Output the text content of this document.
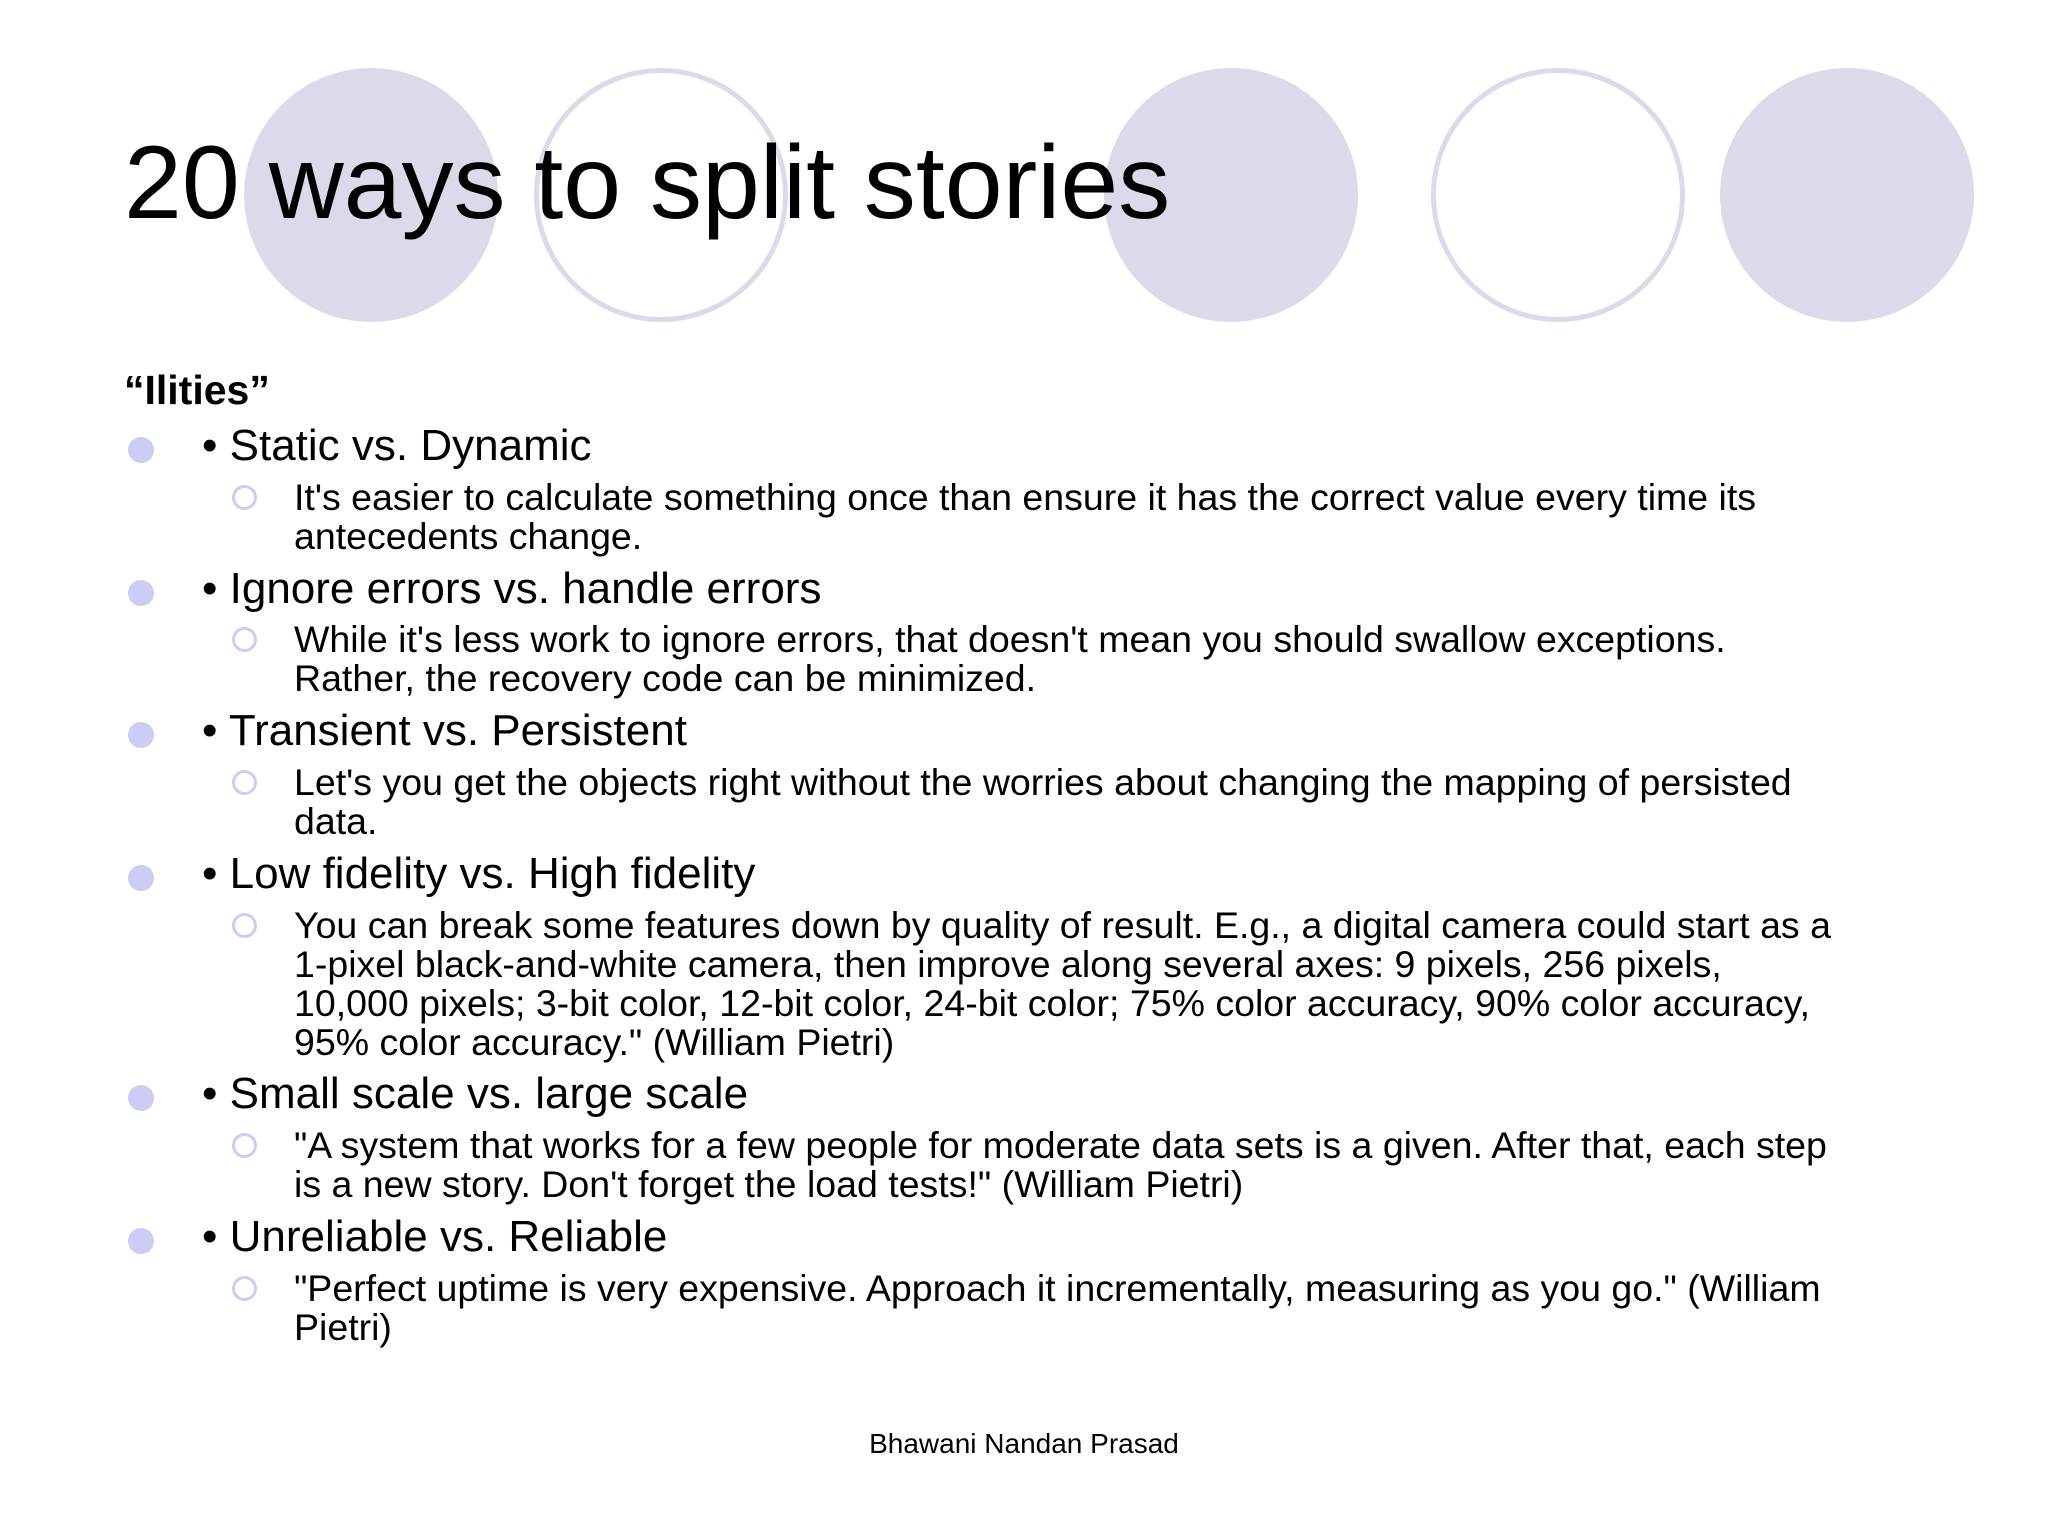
20 ways to split stories
“Ilities”
• Static vs. Dynamic
It's easier to calculate something once than ensure it has the correct value every time its
antecedents change.
• Ignore errors vs. handle errors
While it's less work to ignore errors, that doesn't mean you should swallow exceptions.
Rather, the recovery code can be minimized.
• Transient vs. Persistent
Let's you get the objects right without the worries about changing the mapping of persisted
data.
• Low fidelity vs. High fidelity
You can break some features down by quality of result. E.g., a digital camera could start as a
1-pixel black-and-white camera, then improve along several axes: 9 pixels, 256 pixels,
10,000 pixels; 3-bit color, 12-bit color, 24-bit color; 75% color accuracy, 90% color accuracy,
95% color accuracy." (William Pietri)
• Small scale vs. large scale
"A system that works for a few people for moderate data sets is a given. After that, each step
is a new story. Don't forget the load tests!" (William Pietri)
• Unreliable vs. Reliable
"Perfect uptime is very expensive. Approach it incrementally, measuring as you go." (William
Pietri)
Bhawani Nandan Prasad
